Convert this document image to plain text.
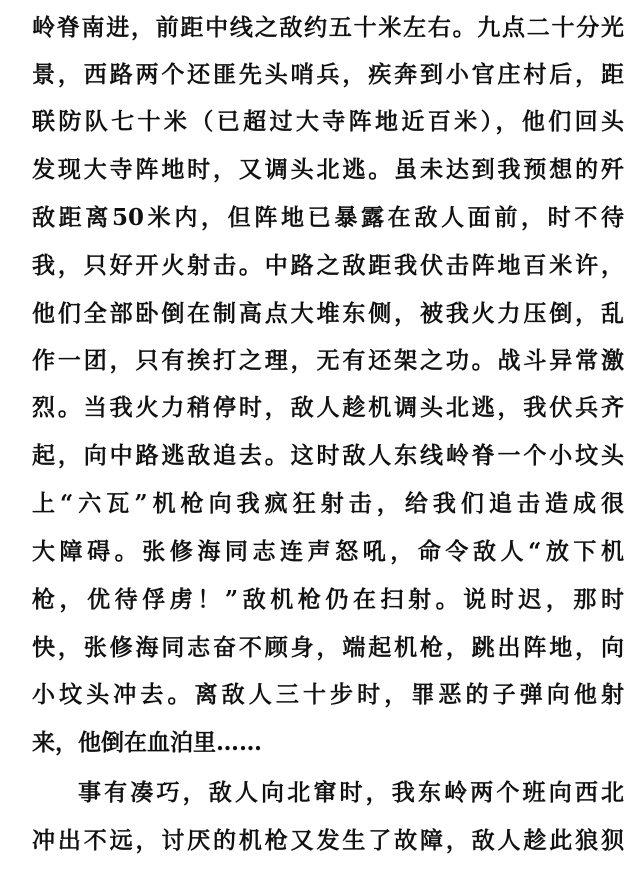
岭脊南进，前距中线之敌约五十米左右。九点二十分光
景，西路两个还匪先头哨兵，疾奔到小官庄村后，距
联防队七十米（已超过大寺阵地近百米），他们回头
发现大寺阵地时，又调头北逃。虽未达到我预想的歼
敌距离50米内，但阵地已暴露在敌人面前，时不待
我，只好开火射击。中路之敌距我伏击阵地百米许，
他们全部卧倒在制高点大堆东侧，被我火力压倒，乱
作一团，只有挨打之理，无有还架之功。战斗异常激
烈。当我火力稍停时，敌人趁机调头北逃，我伏兵齐
起，向中路逃敌追去。这时敌人东线岭脊一个小坟头
上“六瓦”机枪向我疯狂射击，给我们追击造成很
大障碍。张修海同志连声怒吼，命令敌人“放下机
枪，优待俘虏！”敌机枪仍在扫射。说时迟，那时
快，张修海同志奋不顾身，端起机枪，跳出阵地，向
小坟头冲去。离敌人三十步时，罪恶的子弹向他射
来，他倒在血泊里……
事有凑巧，敌人向北窜时，我东岭两个班向西北
冲出不远，讨厌的机枪又发生了故障，敌人趁此狼狈
